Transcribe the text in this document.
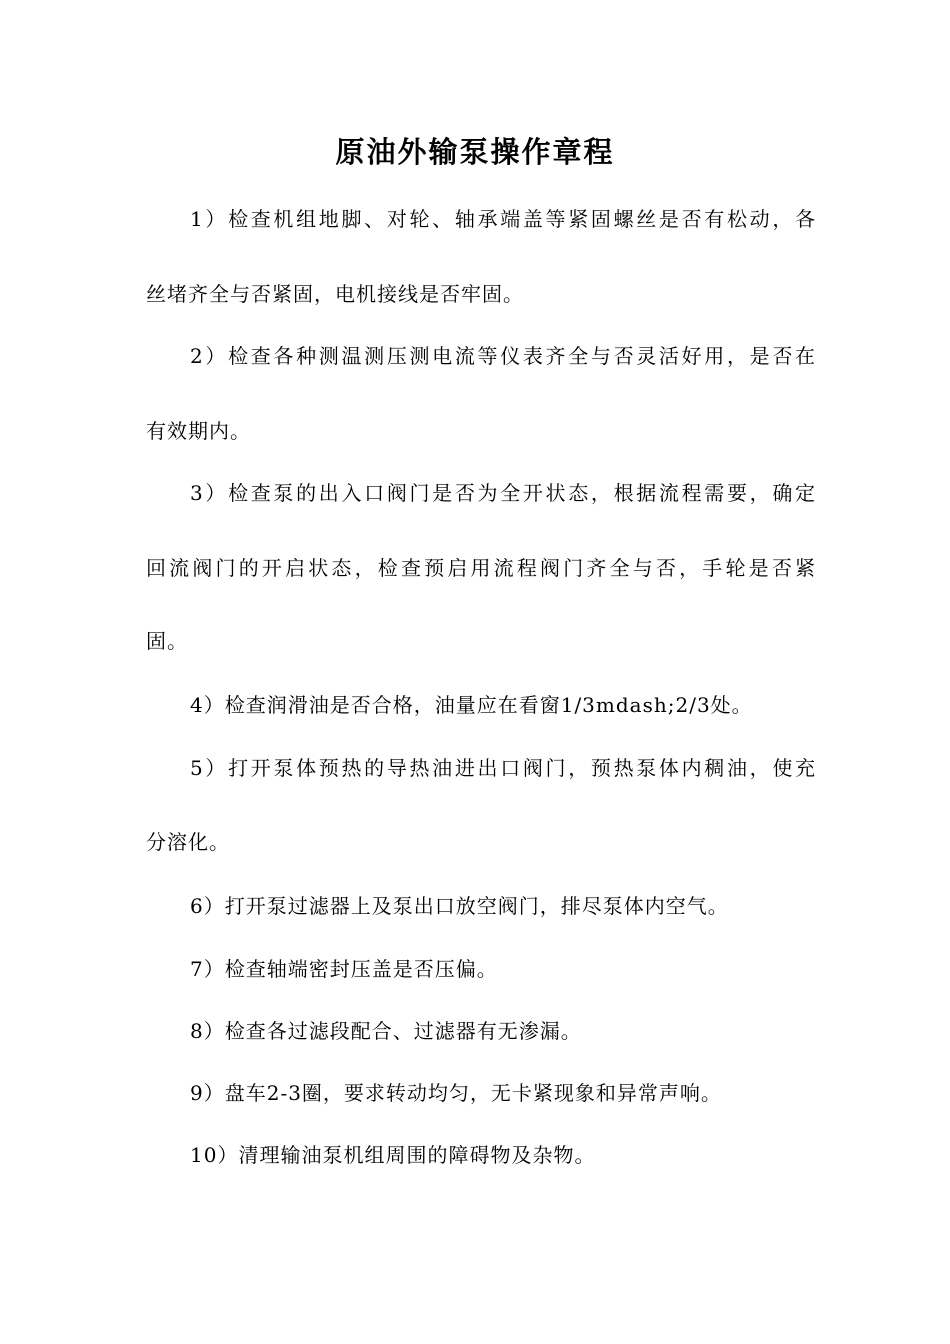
原油外输泵操作章程
1）检查机组地脚、对轮、轴承端盖等紧固螺丝是否有松动，各
丝堵齐全与否紧固，电机接线是否牢固。
2）检查各种测温测压测电流等仪表齐全与否灵活好用，是否在
有效期内。
3）检查泵的出入口阀门是否为全开状态，根据流程需要，确定
回流阀门的开启状态，检查预启用流程阀门齐全与否，手轮是否紧
固。
4）检查润滑油是否合格，油量应在看窗1/3mdash;2/3处。
5）打开泵体预热的导热油进出口阀门，预热泵体内稠油，使充
分溶化。
6）打开泵过滤器上及泵出口放空阀门，排尽泵体内空气。
7）检查轴端密封压盖是否压偏。
8）检查各过滤段配合、过滤器有无渗漏。
9）盘车2-3圈，要求转动均匀，无卡紧现象和异常声响。
10）清理输油泵机组周围的障碍物及杂物。
